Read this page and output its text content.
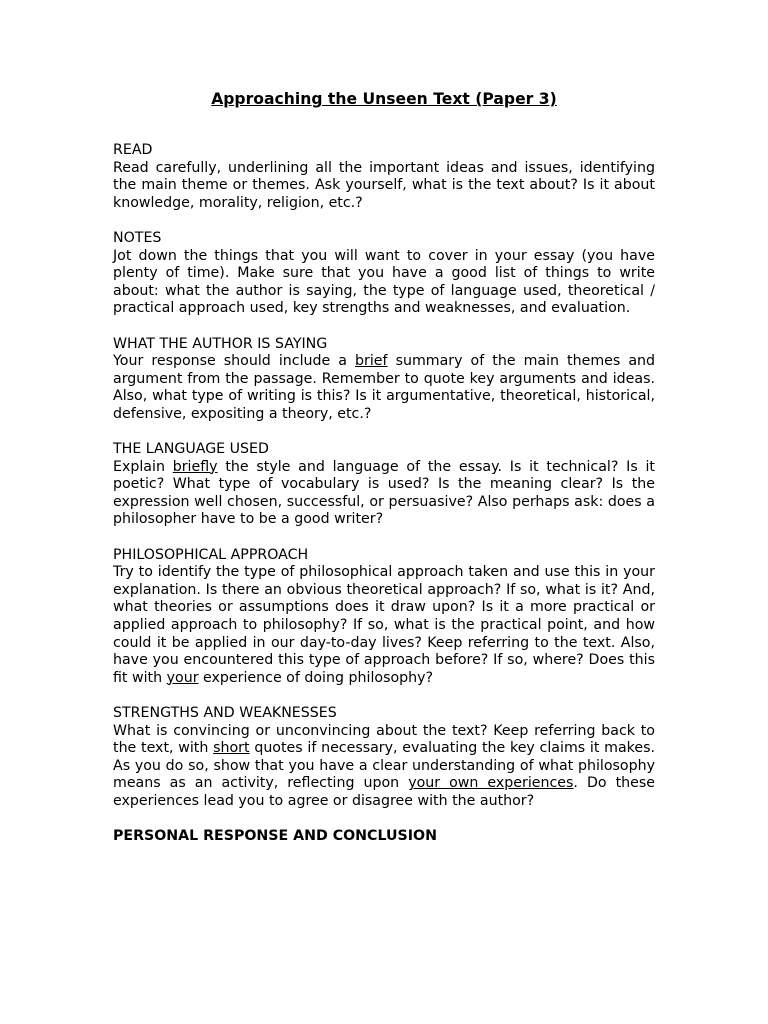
Approaching the Unseen Text (Paper 3)
READ

Read carefully, underlining all the important ideas and issues, identifying the main theme or themes. Ask yourself, what is the text about? Is it about knowledge, morality, religion, etc.?

NOTES

Jot down the things that you will want to cover in your essay (you have plenty of time). Make sure that you have a good list of things to write about: what the author is saying, the type of language used, theoretical / practical approach used, key strengths and weaknesses, and evaluation.

WHAT THE AUTHOR IS SAYING

Your response should include a brief summary of the main themes and argument from the passage. Remember to quote key arguments and ideas. Also, what type of writing is this? Is it argumentative, theoretical, historical, defensive, expositing a theory, etc.?

THE LANGUAGE USED

Explain briefly the style and language of the essay. Is it technical? Is it poetic? What type of vocabulary is used? Is the meaning clear? Is the expression well chosen, successful, or persuasive? Also perhaps ask: does a philosopher have to be a good writer?

PHILOSOPHICAL APPROACH

Try to identify the type of philosophical approach taken and use this in your explanation. Is there an obvious theoretical approach? If so, what is it? And, what theories or assumptions does it draw upon? Is it a more practical or applied approach to philosophy? If so, what is the practical point, and how could it be applied in our day-to-day lives? Keep referring to the text. Also, have you encountered this type of approach before? If so, where? Does this fit with your experience of doing philosophy?

STRENGTHS AND WEAKNESSES

What is convincing or unconvincing about the text? Keep referring back to the text, with short quotes if necessary, evaluating the key claims it makes. As you do so, show that you have a clear understanding of what philosophy means as an activity, reflecting upon your own experiences. Do these experiences lead you to agree or disagree with the author?

PERSONAL RESPONSE AND CONCLUSION
